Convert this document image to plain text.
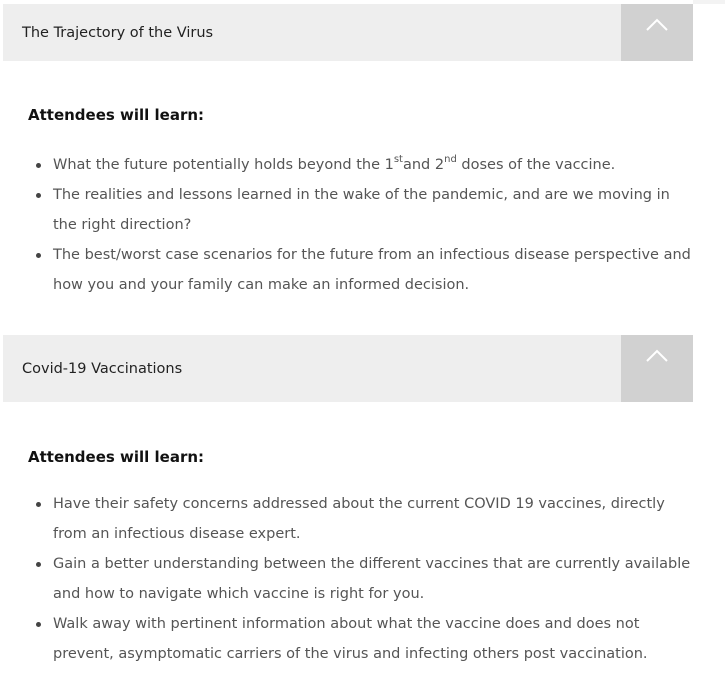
The Trajectory of the Virus
Attendees will learn:
What the future potentially holds beyond the 1stand 2nd doses of the vaccine.
The realities and lessons learned in the wake of the pandemic, and are we moving in the right direction?
The best/worst case scenarios for the future from an infectious disease perspective and how you and your family can make an informed decision.
Covid-19 Vaccinations
Attendees will learn:
Have their safety concerns addressed about the current COVID 19 vaccines, directly from an infectious disease expert.
Gain a better understanding between the different vaccines that are currently available and how to navigate which vaccine is right for you.
Walk away with pertinent information about what the vaccine does and does not prevent, asymptomatic carriers of the virus and infecting others post vaccination.
